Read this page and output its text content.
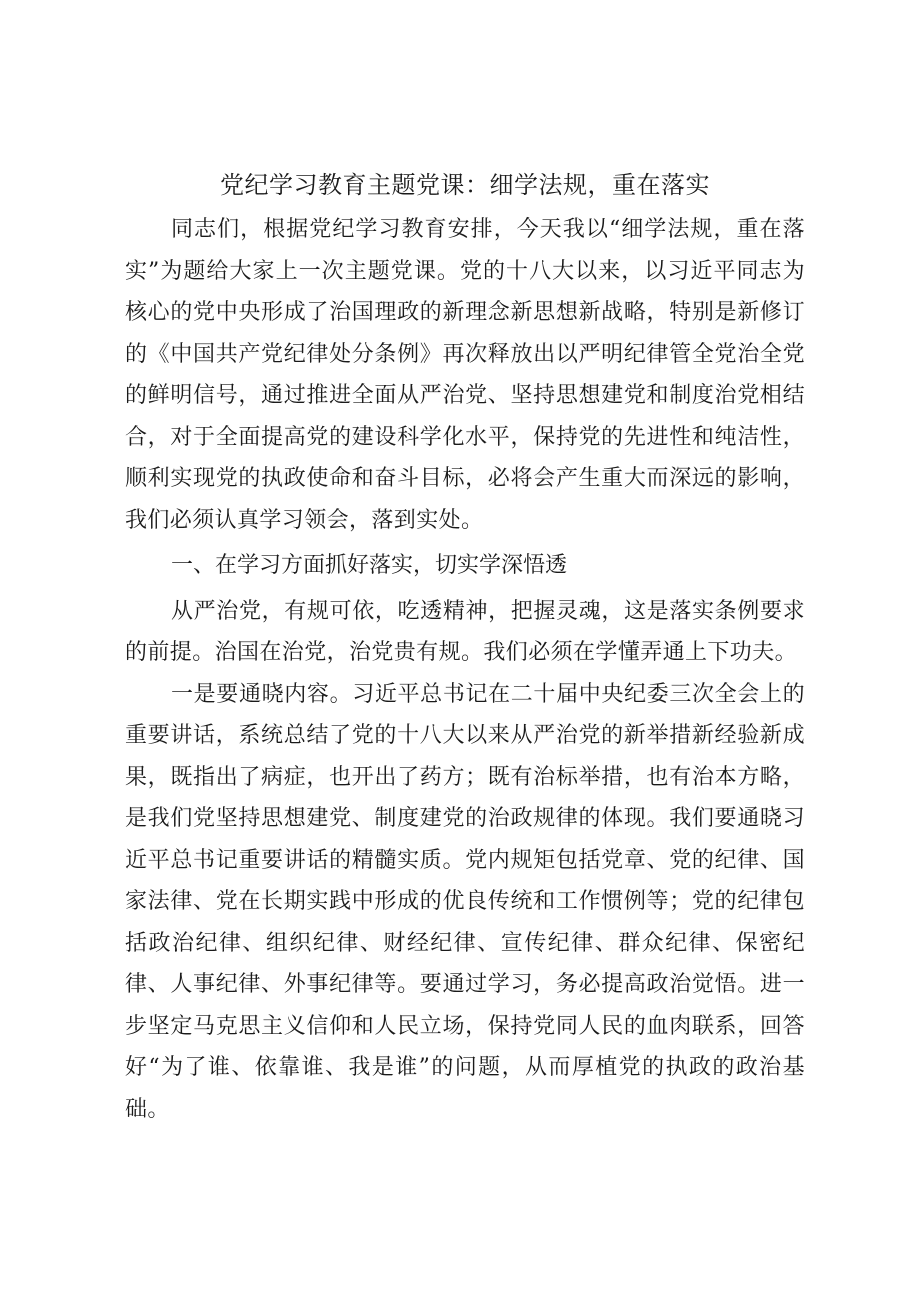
党纪学习教育主题党课：细学法规，重在落实

同志们，根据党纪学习教育安排，今天我以“细学法规，重在落实”为题给大家上一次主题党课。党的十八大以来，以习近平同志为核心的党中央形成了治国理政的新理念新思想新战略，特别是新修订的《中国共产党纪律处分条例》再次释放出以严明纪律管全党治全党的鲜明信号，通过推进全面从严治党、坚持思想建党和制度治党相结合，对于全面提高党的建设科学化水平，保持党的先进性和纯洁性，顺利实现党的执政使命和奋斗目标，必将会产生重大而深远的影响，我们必须认真学习领会，落到实处。

一、在学习方面抓好落实，切实学深悟透

从严治党，有规可依，吃透精神，把握灵魂，这是落实条例要求的前提。治国在治党，治党贵有规。我们必须在学懂弄通上下功夫。

一是要通晓内容。习近平总书记在二十届中央纪委三次全会上的重要讲话，系统总结了党的十八大以来从严治党的新举措新经验新成果，既指出了病症，也开出了药方；既有治标举措，也有治本方略，是我们党坚持思想建党、制度建党的治政规律的体现。我们要通晓习近平总书记重要讲话的精髓实质。党内规矩包括党章、党的纪律、国家法律、党在长期实践中形成的优良传统和工作惯例等；党的纪律包括政治纪律、组织纪律、财经纪律、宣传纪律、群众纪律、保密纪律、人事纪律、外事纪律等。要通过学习，务必提高政治觉悟。进一步坚定马克思主义信仰和人民立场，保持党同人民的血肉联系，回答好“为了谁、依靠谁、我是谁”的问题，从而厚植党的执政的政治基础。
